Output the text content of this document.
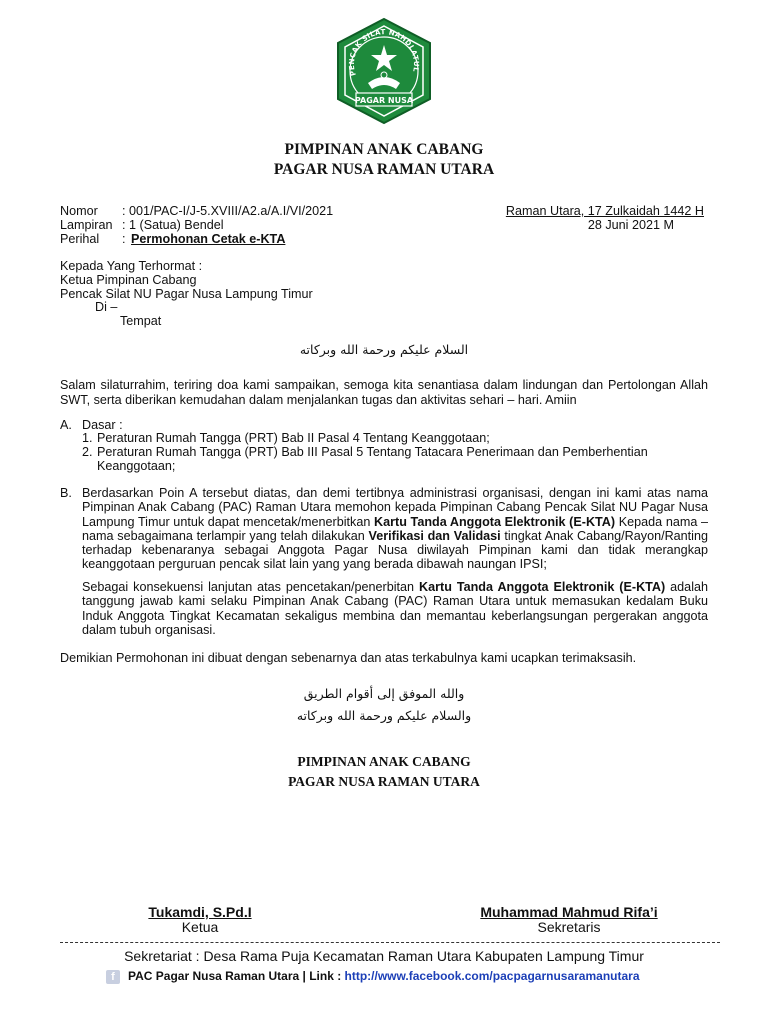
PENCAK SILAT NAHDLATUL
PAGAR NUSA
PIMPINAN ANAK CABANG
PAGAR NUSA RAMAN UTARA
Nomor : 001/PAC-I/J-5.XVIII/A2.a/A.I/VI/2021
Lampiran : 1 (Satua) Bendel
Perihal : Permohonan Cetak e-KTA
Raman Utara, 17 Zulkaidah 1442 H
28 Juni 2021 M
Kepada Yang Terhormat :
Ketua Pimpinan Cabang
Pencak Silat NU Pagar Nusa Lampung Timur
Di –
Tempat
السلام عليكم ورحمة الله وبركاته
Salam silaturrahim, teriring doa kami sampaikan, semoga kita senantiasa dalam lindungan dan Pertolongan Allah SWT, serta diberikan kemudahan dalam menjalankan tugas dan aktivitas sehari – hari. Amiin
A. Dasar :
1. Peraturan Rumah Tangga (PRT) Bab II Pasal 4 Tentang Keanggotaan;
2. Peraturan Rumah Tangga (PRT) Bab III Pasal 5 Tentang Tatacara Penerimaan dan Pemberhentian Keanggotaan;
B. Berdasarkan Poin A tersebut diatas, dan demi tertibnya administrasi organisasi, dengan ini kami atas nama Pimpinan Anak Cabang (PAC) Raman Utara memohon kepada Pimpinan Cabang Pencak Silat NU Pagar Nusa Lampung Timur untuk dapat mencetak/menerbitkan Kartu Tanda Anggota Elektronik (E-KTA) Kepada nama – nama sebagaimana terlampir yang telah dilakukan Verifikasi dan Validasi tingkat Anak Cabang/Rayon/Ranting terhadap kebenaranya sebagai Anggota Pagar Nusa diwilayah Pimpinan kami dan tidak merangkap keanggotaan perguruan pencak silat lain yang yang berada dibawah naungan IPSI;
Sebagai konsekuensi lanjutan atas pencetakan/penerbitan Kartu Tanda Anggota Elektronik (E-KTA) adalah tanggung jawab kami selaku Pimpinan Anak Cabang (PAC) Raman Utara untuk memasukan kedalam Buku Induk Anggota Tingkat Kecamatan sekaligus membina dan memantau keberlangsungan pergerakan anggota dalam tubuh organisasi.
Demikian Permohonan ini dibuat dengan sebenarnya dan atas terkabulnya kami ucapkan terimaksasih.
والله الموفق إلى أقوام الطريق
والسلام عليكم ورحمة الله وبركاته
PIMPINAN ANAK CABANG
PAGAR NUSA RAMAN UTARA
Tukamdi, S.Pd.I
Ketua
Muhammad Mahmud Rifa’i
Sekretaris
Sekretariat : Desa Rama Puja Kecamatan Raman Utara Kabupaten Lampung Timur
f PAC Pagar Nusa Raman Utara | Link : http://www.facebook.com/pacpagarnusaramanutara
